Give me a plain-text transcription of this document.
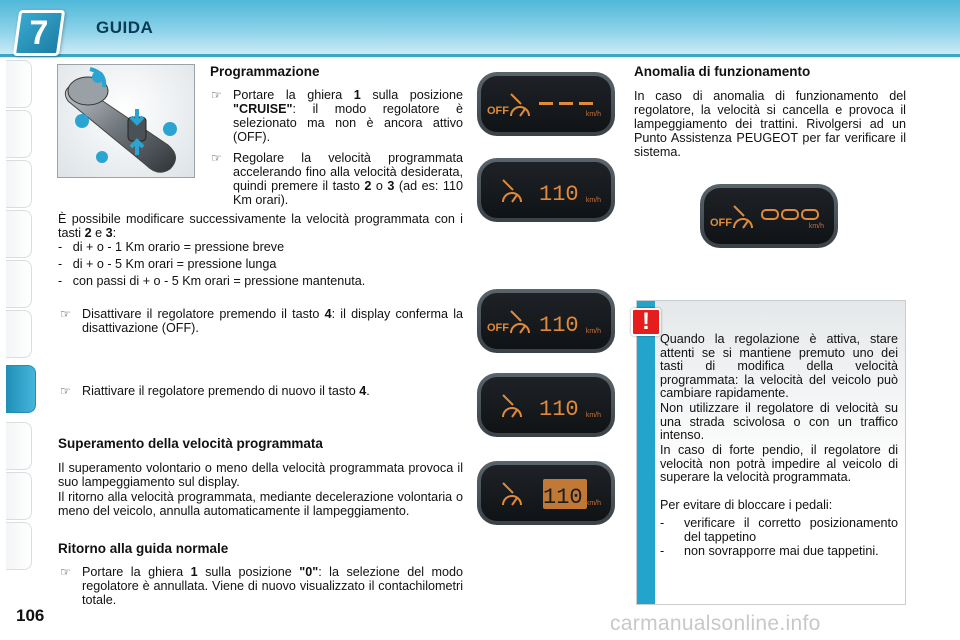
7	GUIDA
Programmazione
☞ Portare la ghiera 1 sulla posizione "CRUISE": il modo regolatore è selezionato ma non è ancora attivo (OFF).
☞ Regolare la velocità programmata accelerando fino alla velocità desiderata, quindi premere il tasto 2 o 3 (ad es: 110 Km orari).
È possibile modificare successivamente la velocità programmata con i tasti 2 e 3:
-   di + o - 1 Km orario = pressione breve
-   di + o - 5 Km orari = pressione lunga
-   con passi di + o - 5 Km orari = pressione mantenuta.
☞ Disattivare il regolatore premendo il tasto 4: il display conferma la disattivazione (OFF).
☞ Riattivare il regolatore premendo di nuovo il tasto 4.
Superamento della velocità programmata
Il superamento volontario o meno della velocità programmata provoca il suo lampeggiamento sul display.
Il ritorno alla velocità programmata, mediante decelerazione volontaria o meno del veicolo, annulla automaticamente il lampeggiamento.
Ritorno alla guida normale
☞ Portare la ghiera 1 sulla posizione "0": la selezione del modo regolatore è annullata. Viene di nuovo visualizzato il contachilometri totale.
OFF	km/h
110 km/h
OFF 110 km/h
110 km/h
110 km/h
Anomalia di funzionamento
In caso di anomalia di funzionamento del regolatore, la velocità si cancella e provoca il lampeggiamento dei trattini. Rivolgersi ad un Punto Assistenza PEUGEOT per far verificare il sistema.
OFF	km/h
!
Quando la regolazione è attiva, stare attenti se si mantiene premuto uno dei tasti di modifica della velocità programmata: la velocità del veicolo può cambiare rapidamente.
Non utilizzare il regolatore di velocità su una strada scivolosa o con un traffico intenso.
In caso di forte pendio, il regolatore di velocità non potrà impedire al veicolo di superare la velocità programmata.
Per evitare di bloccare i pedali:
-	verificare il corretto posizionamento del tappetino
-	non sovrapporre mai due tappetini.
106	carmanualsonline.info
